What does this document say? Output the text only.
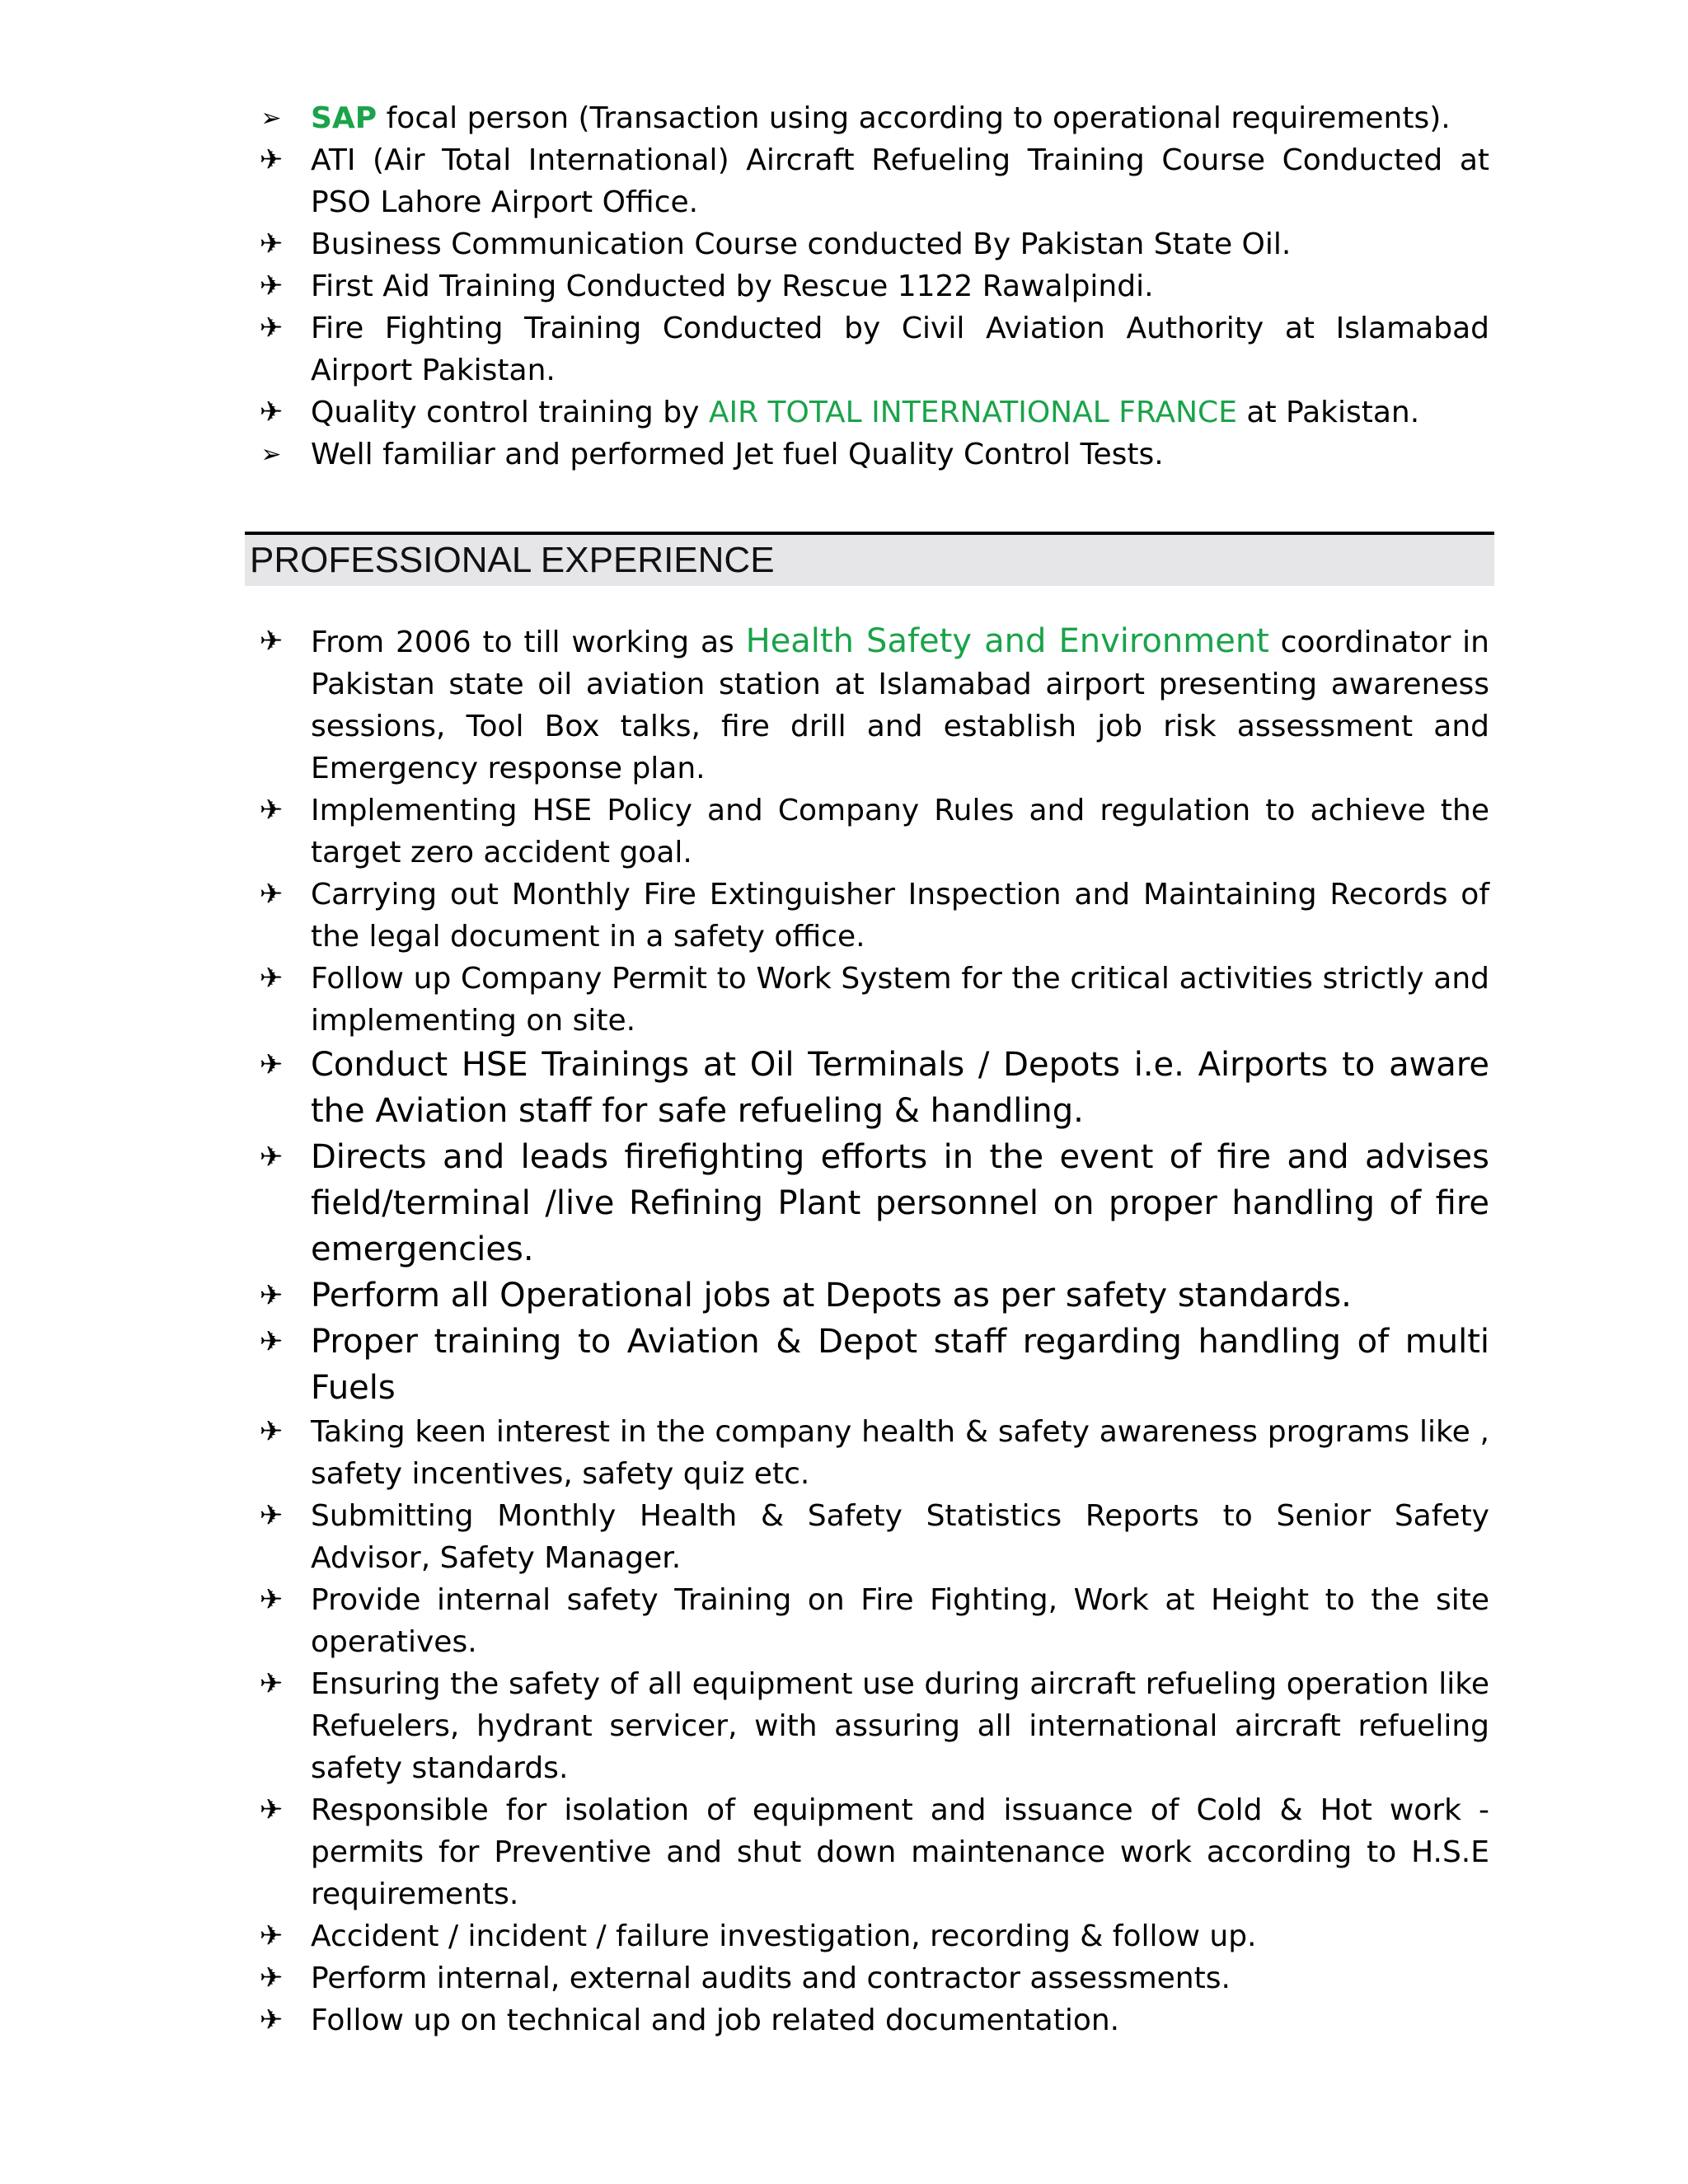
➢ SAP focal person (Transaction using according to operational requirements).
✈ ATI (Air Total International) Aircraft Refueling Training Course Conducted at PSO Lahore Airport Office.
✈ Business Communication Course conducted By Pakistan State Oil.
✈ First Aid Training Conducted by Rescue 1122 Rawalpindi.
✈ Fire Fighting Training Conducted by Civil Aviation Authority at Islamabad Airport Pakistan.
✈ Quality control training by AIR TOTAL INTERNATIONAL FRANCE at Pakistan.
➢ Well familiar and performed Jet fuel Quality Control Tests.
PROFESSIONAL EXPERIENCE
✈ From 2006 to till working as Health Safety and Environment coordinator in Pakistan state oil aviation station at Islamabad airport presenting awareness sessions, Tool Box talks, fire drill and establish job risk assessment and Emergency response plan.
✈ Implementing HSE Policy and Company Rules and regulation to achieve the target zero accident goal.
✈ Carrying out Monthly Fire Extinguisher Inspection and Maintaining Records of the legal document in a safety office.
✈ Follow up Company Permit to Work System for the critical activities strictly and implementing on site.
✈ Conduct HSE Trainings at Oil Terminals / Depots i.e. Airports to aware the Aviation staff for safe refueling & handling.
✈ Directs and leads firefighting efforts in the event of fire and advises field/terminal /live Refining Plant personnel on proper handling of fire emergencies.
✈ Perform all Operational jobs at Depots as per safety standards.
✈ Proper training to Aviation & Depot staff regarding handling of multi Fuels
✈ Taking keen interest in the company health & safety awareness programs like , safety incentives, safety quiz etc.
✈ Submitting Monthly Health & Safety Statistics Reports to Senior Safety Advisor, Safety Manager.
✈ Provide internal safety Training on Fire Fighting, Work at Height to the site operatives.
✈ Ensuring the safety of all equipment use during aircraft refueling operation like Refuelers, hydrant servicer, with assuring all international aircraft refueling safety standards.
✈ Responsible for isolation of equipment and issuance of Cold & Hot work - permits for Preventive and shut down maintenance work according to H.S.E requirements.
✈ Accident / incident / failure investigation, recording & follow up.
✈ Perform internal, external audits and contractor assessments.
✈ Follow up on technical and job related documentation.
